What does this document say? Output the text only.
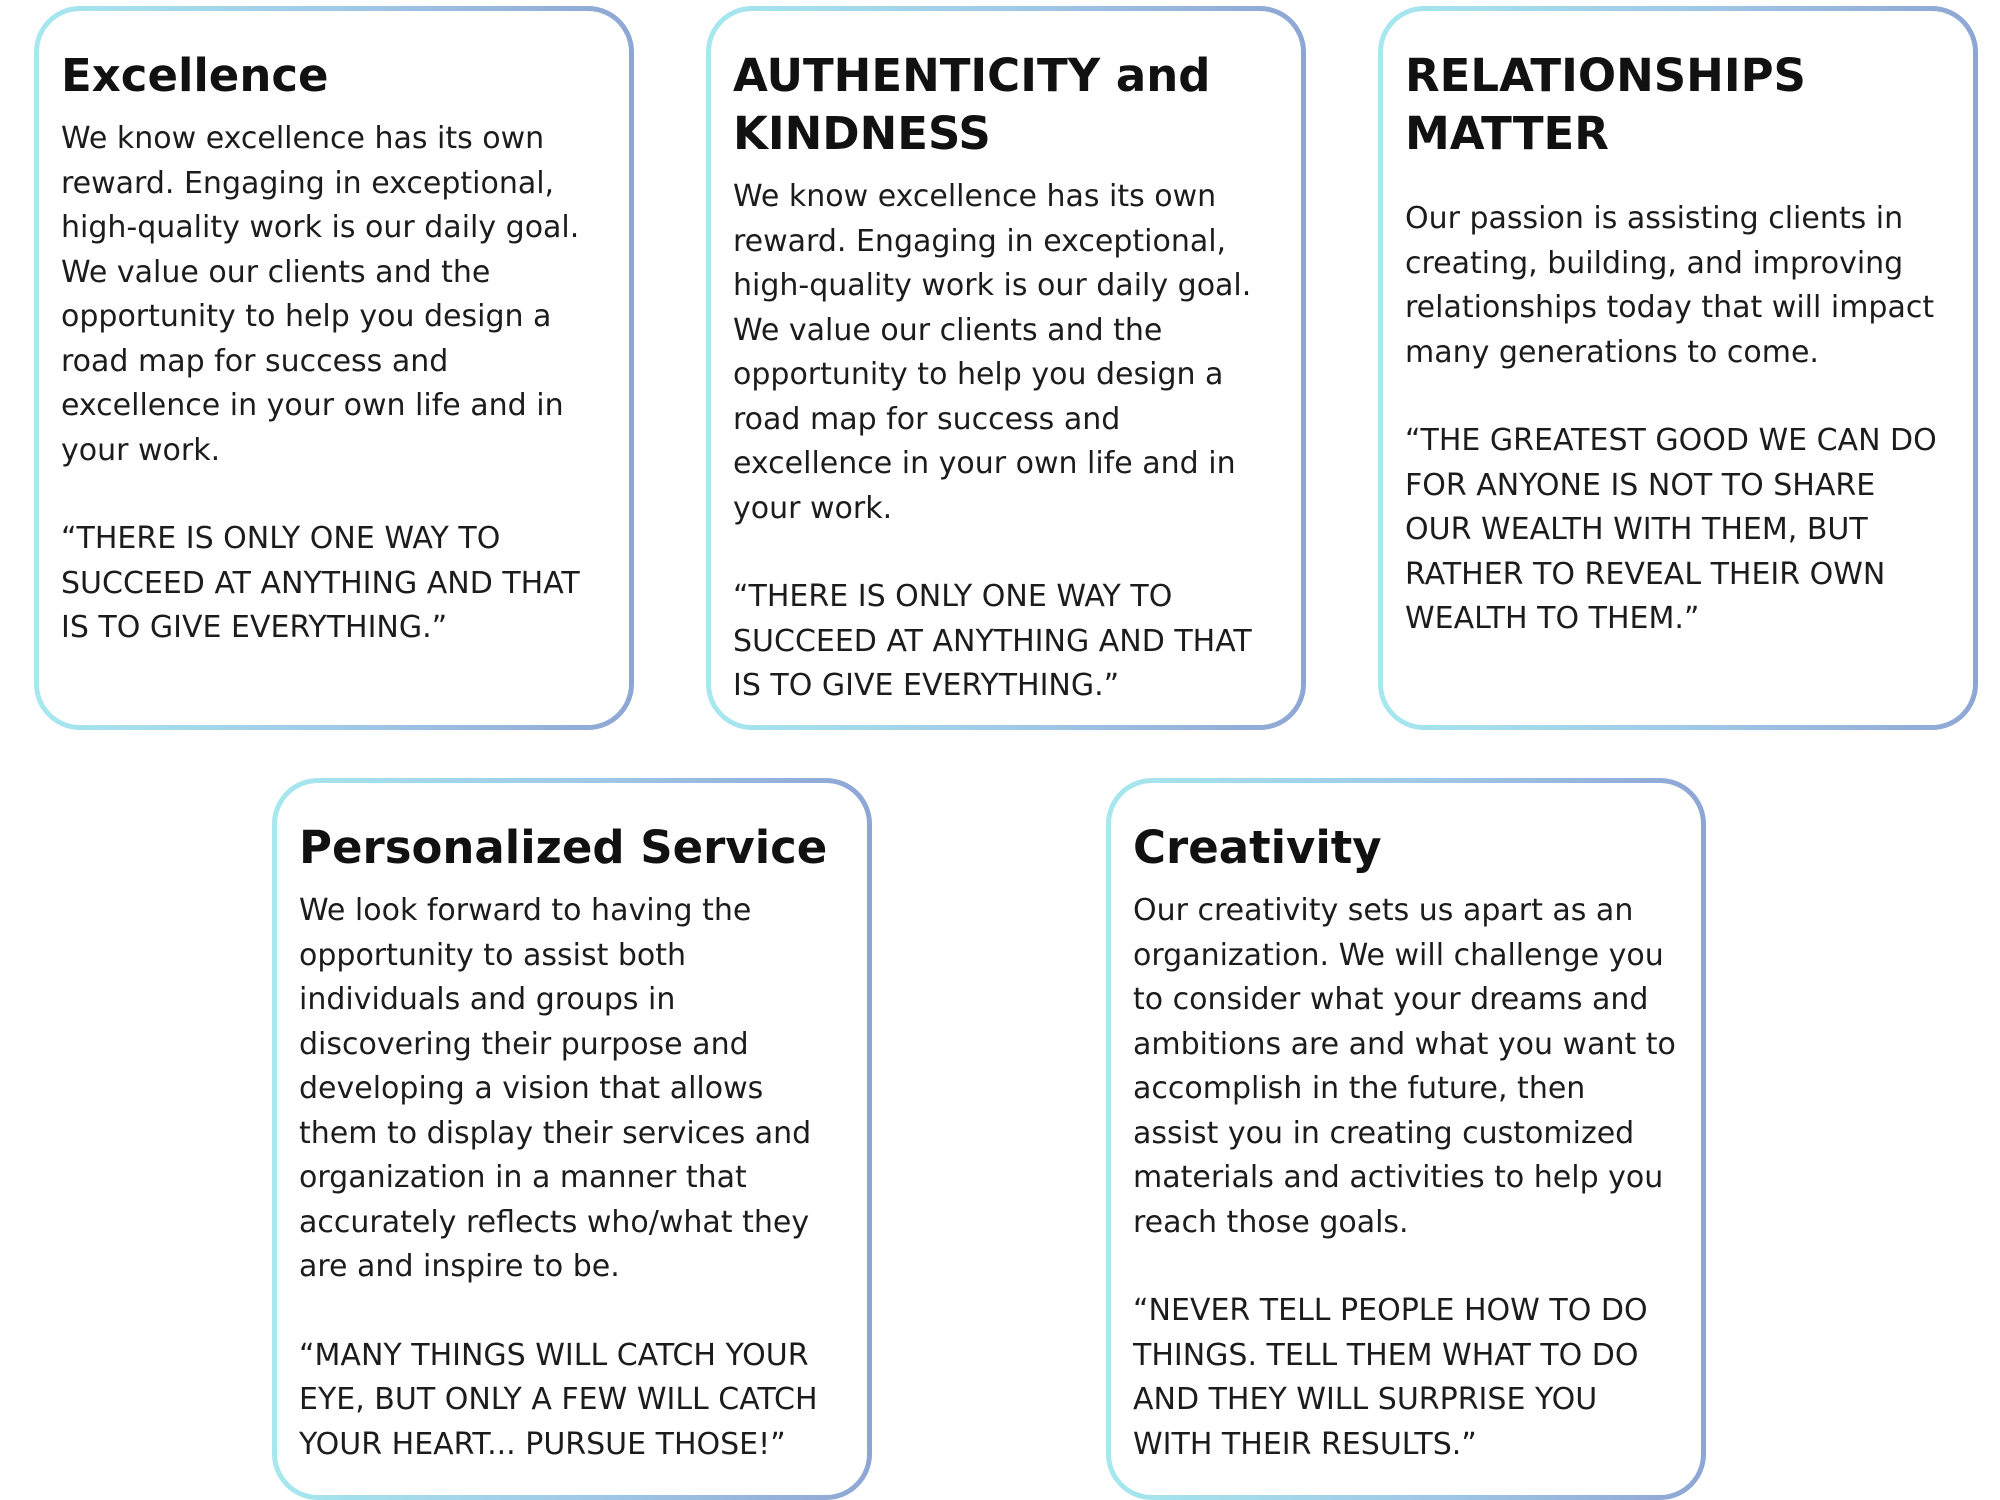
Excellence

We know excellence has its own reward. Engaging in exceptional, high-quality work is our daily goal. We value our clients and the opportunity to help you design a road map for success and excellence in your own life and in your work.

“THERE IS ONLY ONE WAY TO SUCCEED AT ANYTHING AND THAT IS TO GIVE EVERYTHING.”

AUTHENTICITY and KINDNESS

We know excellence has its own reward. Engaging in exceptional, high-quality work is our daily goal. We value our clients and the opportunity to help you design a road map for success and excellence in your own life and in your work.

“THERE IS ONLY ONE WAY TO SUCCEED AT ANYTHING AND THAT IS TO GIVE EVERYTHING.”

RELATIONSHIPS MATTER

Our passion is assisting clients in creating, building, and improving relationships today that will impact many generations to come.

“THE GREATEST GOOD WE CAN DO FOR ANYONE IS NOT TO SHARE OUR WEALTH WITH THEM, BUT RATHER TO REVEAL THEIR OWN WEALTH TO THEM.”

Personalized Service

We look forward to having the opportunity to assist both individuals and groups in discovering their purpose and developing a vision that allows them to display their services and organization in a manner that accurately reflects who/what they are and inspire to be.

“MANY THINGS WILL CATCH YOUR EYE, BUT ONLY A FEW WILL CATCH YOUR HEART... PURSUE THOSE!”

Creativity

Our creativity sets us apart as an organization. We will challenge you to consider what your dreams and ambitions are and what you want to accomplish in the future, then assist you in creating customized materials and activities to help you reach those goals.

“NEVER TELL PEOPLE HOW TO DO THINGS. TELL THEM WHAT TO DO AND THEY WILL SURPRISE YOU WITH THEIR RESULTS.”
